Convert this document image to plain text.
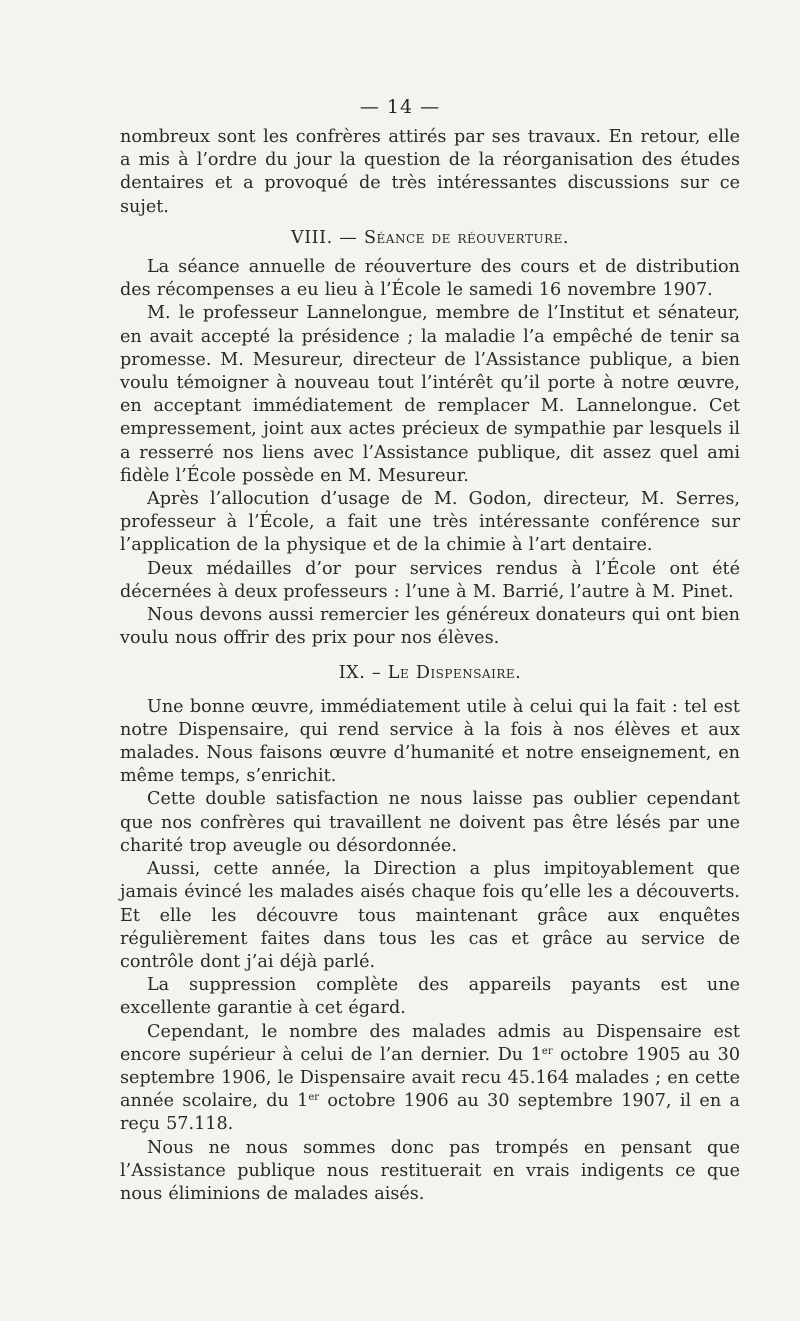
— 14 —

nombreux sont les confrères attirés par ses travaux. En retour, elle a mis à l’ordre du jour la question de la réorganisation des études dentaires et a provoqué de très intéressantes discussions sur ce sujet.

VIII. — Séance de réouverture.

La séance annuelle de réouverture des cours et de distribution des récompenses a eu lieu à l’École le samedi 16 novembre 1907.

M. le professeur Lannelongue, membre de l’Institut et sénateur, en avait accepté la présidence ; la maladie l’a empêché de tenir sa promesse. M. Mesureur, directeur de l’Assistance publique, a bien voulu témoigner à nouveau tout l’intérêt qu’il porte à notre œuvre, en acceptant immédiatement de remplacer M. Lannelongue. Cet empressement, joint aux actes précieux de sympathie par lesquels il a resserré nos liens avec l’Assistance publique, dit assez quel ami fidèle l’École possède en M. Mesureur.

Après l’allocution d’usage de M. Godon, directeur, M. Serres, professeur à l’École, a fait une très intéressante conférence sur l’application de la physique et de la chimie à l’art dentaire.

Deux médailles d’or pour services rendus à l’École ont été décernées à deux professeurs : l’une à M. Barrié, l’autre à M. Pinet.

Nous devons aussi remercier les généreux donateurs qui ont bien voulu nous offrir des prix pour nos élèves.

IX. – Le Dispensaire.

Une bonne œuvre, immédiatement utile à celui qui la fait : tel est notre Dispensaire, qui rend service à la fois à nos élèves et aux malades. Nous faisons œuvre d’humanité et notre enseignement, en même temps, s’enrichit.

Cette double satisfaction ne nous laisse pas oublier cependant que nos confrères qui travaillent ne doivent pas être lésés par une charité trop aveugle ou désordonnée.

Aussi, cette année, la Direction a plus impitoyablement que jamais évincé les malades aisés chaque fois qu’elle les a découverts. Et elle les découvre tous maintenant grâce aux enquêtes régulièrement faites dans tous les cas et grâce au service de contrôle dont j’ai déjà parlé.

La suppression complète des appareils payants est une excellente garantie à cet égard.

Cependant, le nombre des malades admis au Dispensaire est encore supérieur à celui de l’an dernier. Du 1er octobre 1905 au 30 septembre 1906, le Dispensaire avait recu 45.164 malades ; en cette année scolaire, du 1er octobre 1906 au 30 septembre 1907, il en a reçu 57.118.

Nous ne nous sommes donc pas trompés en pensant que l’Assistance publique nous restituerait en vrais indigents ce que nous éliminions de malades aisés.
